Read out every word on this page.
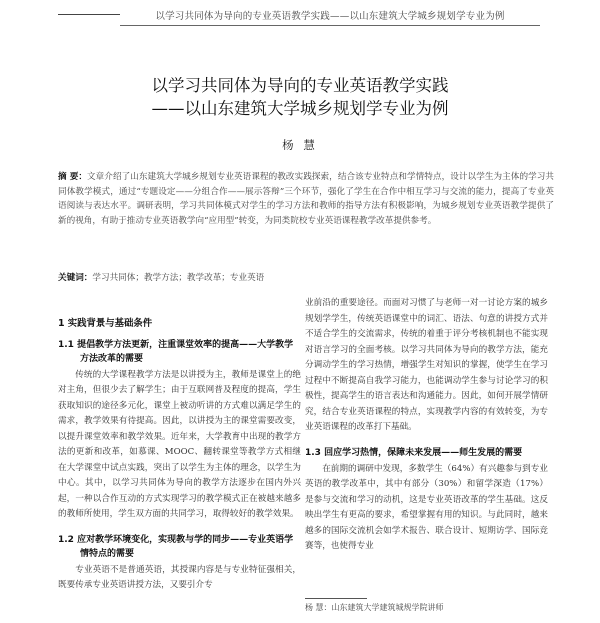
以学习共同体为导向的专业英语教学实践——以山东建筑大学城乡规划学专业为例
以学习共同体为导向的专业英语教学实践
——以山东建筑大学城乡规划学专业为例
杨 慧
摘 要：文章介绍了山东建筑大学城乡规划专业英语课程的教改实践探索，结合该专业特点和学情特点，设计以学生为主体的学习共同体教学模式，通过“专题设定——分组合作——展示答辩”三个环节，强化了学生在合作中相互学习与交流的能力，提高了专业英语阅读与表达水平。调研表明，学习共同体模式对学生的学习方法和教师的指导方法有积极影响，为城乡规划专业英语教学提供了新的视角，有助于推动专业英语教学向“应用型”转变，为同类院校专业英语课程教学改革提供参考。
关键词：学习共同体；教学方法；教学改革；专业英语
1 实践背景与基础条件
1.1 提倡教学方法更新，注重课堂效率的提高——大学教学方法改革的需要

传统的大学课程教学方法是以讲授为主，教师是课堂上的绝对主角，但很少去了解学生；由于互联网普及程度的提高，学生获取知识的途径多元化，课堂上被动听讲的方式难以满足学生的需求，教学效果有待提高。因此，以讲授为主的课堂需要改变，以提升课堂效率和教学效果。近年来，大学教育中出现的教学方法的更新和改革，如慕课、MOOC、翻转课堂等教学方式相继在大学课堂中试点实践，突出了以学生为主体的理念，以学生为中心。其中，以学习共同体为导向的教学方法逐步在国内外兴起，一种以合作互动的方式实现学习的教学模式正在被越来越多的教师所使用，学生双方面的共同学习，取得较好的教学效果。

1.2 应对教学环境变化，实现教与学的同步——专业英语学情特点的需要

专业英语不是普通英语，其授课内容是与专业特征强相关，既要传承专业英语讲授方法，又要引介专

业前沿的重要途径。而面对习惯了与老师一对一讨论方案的城乡规划学学生，传统英语课堂中的词汇、语法、句意的讲授方式并不适合学生的交流需求，传统的着重于评分考核机制也不能实现对语言学习的全面考核。以学习共同体为导向的教学方法，能充分调动学生的学习热情，增强学生对知识的掌握，使学生在学习过程中不断提高自我学习能力，也能调动学生参与讨论学习的积极性，提高学生的语言表达和沟通能力。因此，如何开展学情研究，结合专业英语课程的特点，实现教学内容的有效转变，为专业英语课程的改革打下基础。

1.3 回应学习热情，保障未来发展——师生发展的需要

在前期的调研中发现，多数学生（64%）有兴趣参与到专业英语的教学改革中，其中有部分（30%）和留学深造（17%）是参与交流和学习的动机，这是专业英语改革的学生基础。这反映出学生有更高的要求，希望掌握有用的知识。与此同时，越来越多的国际交流机会如学术报告、联合设计、短期访学、国际竞赛等，也使得专业

杨 慧：山东建筑大学建筑城规学院讲师
